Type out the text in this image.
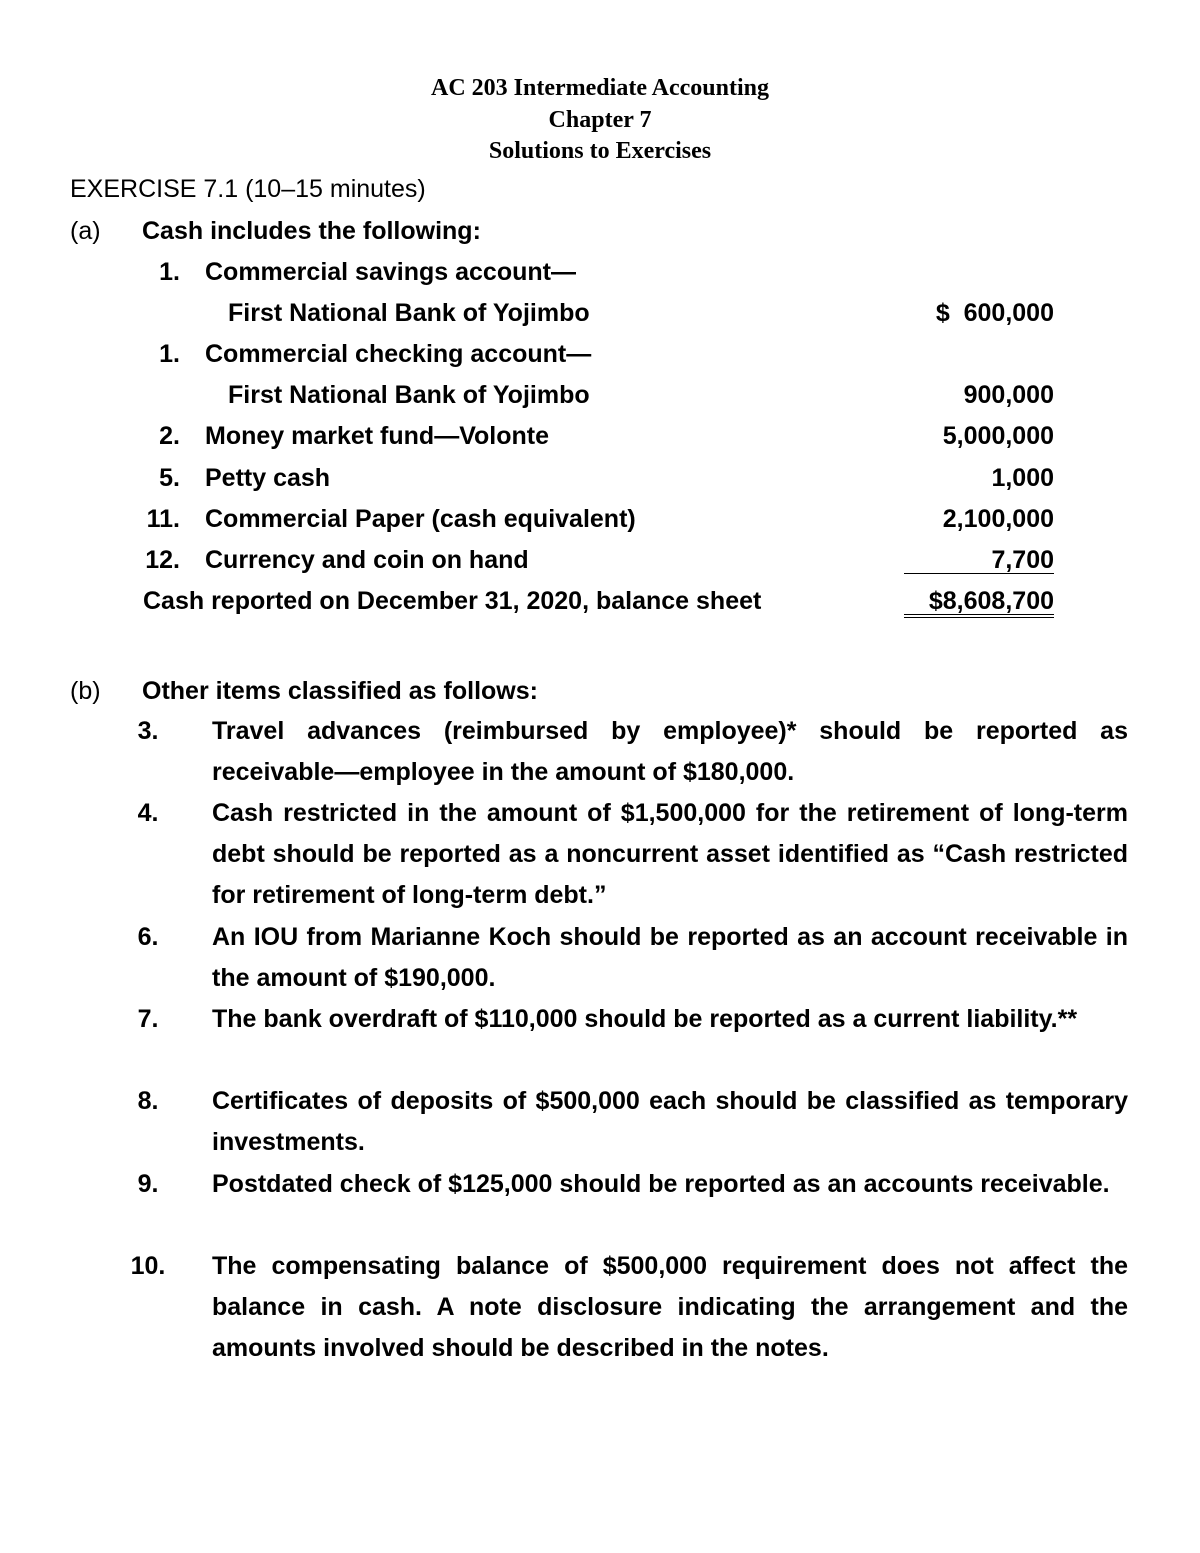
AC 203 Intermediate Accounting
Chapter 7
Solutions to Exercises
EXERCISE 7.1 (10–15 minutes)
(a) Cash includes the following:
1. Commercial savings account—
First National Bank of Yojimbo	$  600,000
1. Commercial checking account—
First National Bank of Yojimbo	900,000
2. Money market fund—Volonte	5,000,000
5. Petty cash	1,000
11. Commercial Paper (cash equivalent)	2,100,000
12. Currency and coin on hand	7,700
Cash reported on December 31, 2020, balance sheet	$8,608,700
(b) Other items classified as follows:
3.	Travel advances (reimbursed by employee)* should be reported as receivable—employee in the amount of $180,000.
4.	Cash restricted in the amount of $1,500,000 for the retirement of long-term debt should be reported as a noncurrent asset identified as “Cash restricted for retirement of long-term debt.”
6.	An IOU from Marianne Koch should be reported as an account receivable in the amount of $190,000.
7.	The bank overdraft of $110,000 should be reported as a current liability.**
8.	Certificates of deposits of $500,000 each should be classified as temporary investments.
9.	Postdated check of $125,000 should be reported as an accounts receivable.
10.	The compensating balance of $500,000 requirement does not affect the balance in cash. A note disclosure indicating the arrangement and the amounts involved should be described in the notes.
